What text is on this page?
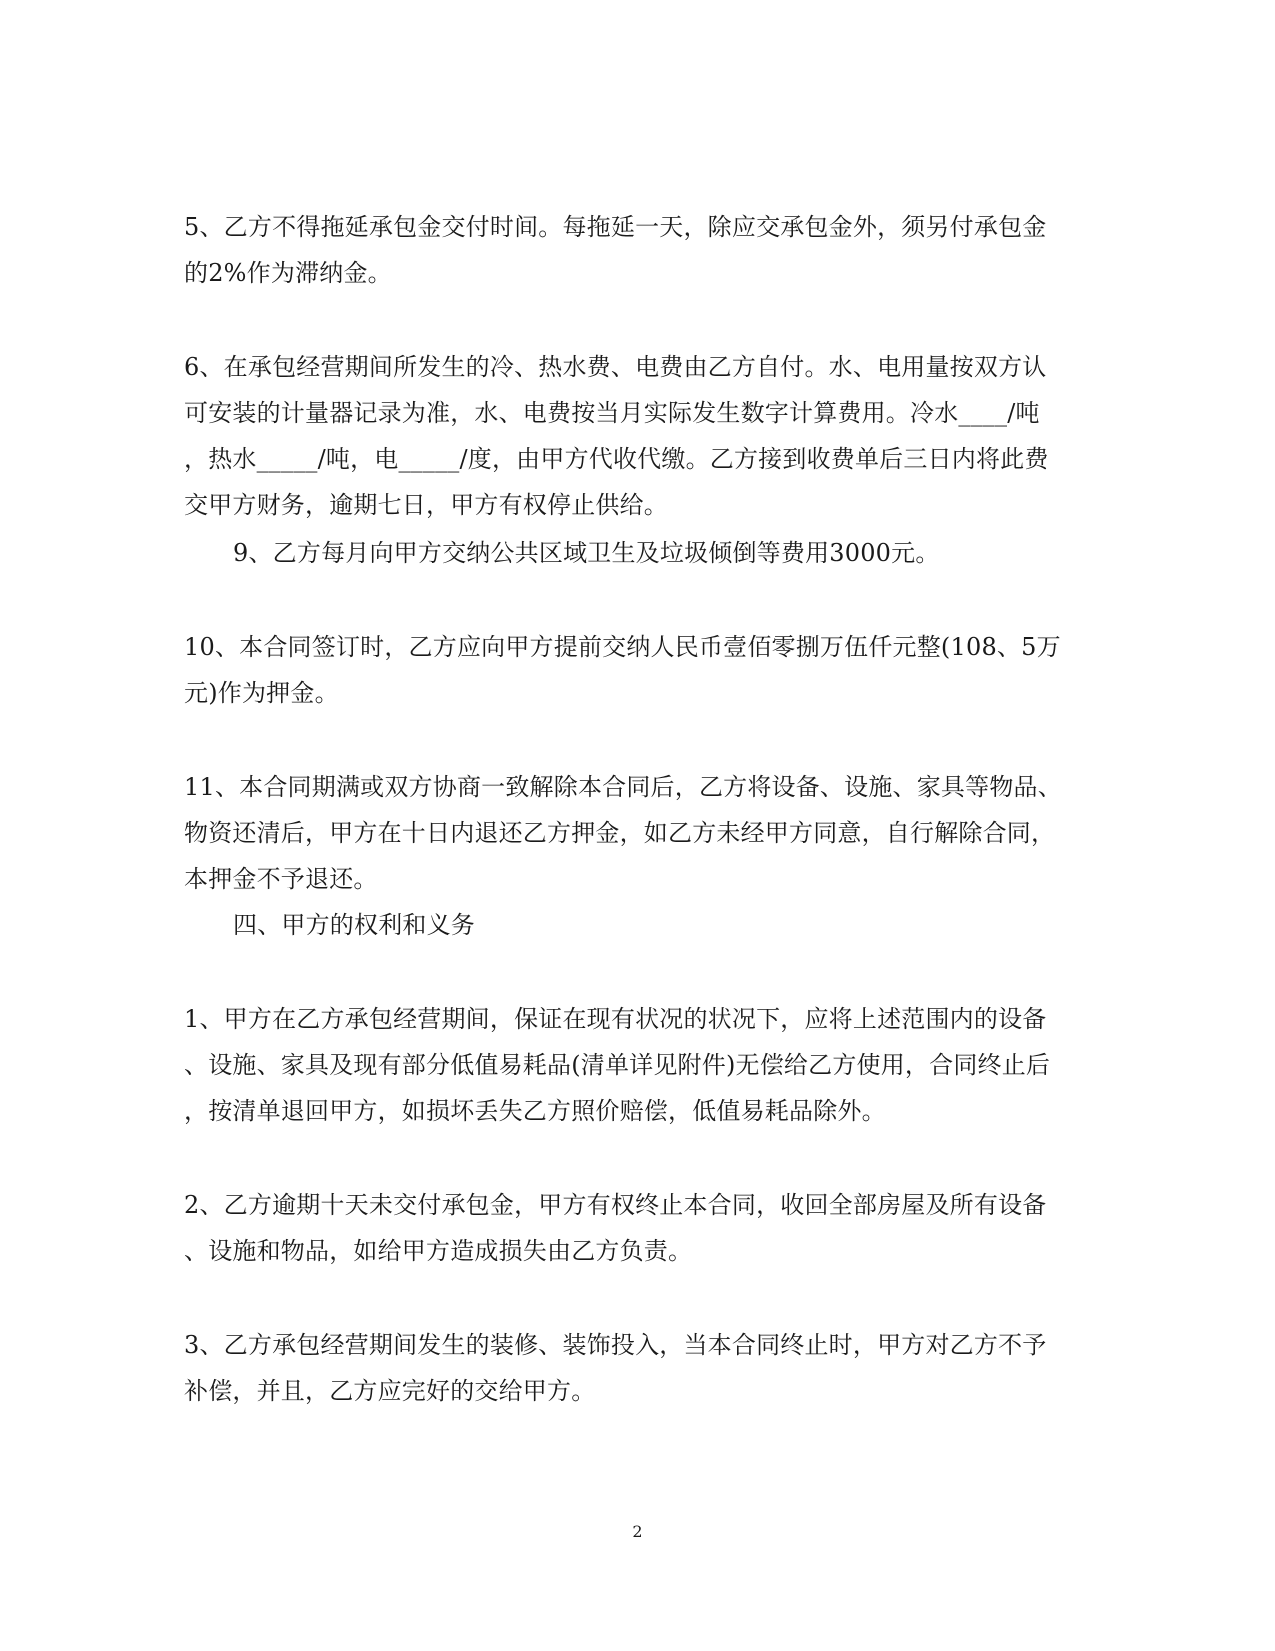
5、乙方不得拖延承包金交付时间。每拖延一天，除应交承包金外，须另付承包金
的2%作为滞纳金。
6、在承包经营期间所发生的冷、热水费、电费由乙方自付。水、电用量按双方认
可安装的计量器记录为准，水、电费按当月实际发生数字计算费用。冷水____/吨
，热水_____/吨，电_____/度，由甲方代收代缴。乙方接到收费单后三日内将此费
交甲方财务，逾期七日，甲方有权停止供给。
9、乙方每月向甲方交纳公共区域卫生及垃圾倾倒等费用3000元。
10、本合同签订时，乙方应向甲方提前交纳人民币壹佰零捌万伍仟元整(108、5万
元)作为押金。
11、本合同期满或双方协商一致解除本合同后，乙方将设备、设施、家具等物品、
物资还清后，甲方在十日内退还乙方押金，如乙方未经甲方同意，自行解除合同，
本押金不予退还。
四、甲方的权利和义务
1、甲方在乙方承包经营期间，保证在现有状况的状况下，应将上述范围内的设备
、设施、家具及现有部分低值易耗品(清单详见附件)无偿给乙方使用，合同终止后
，按清单退回甲方，如损坏丢失乙方照价赔偿，低值易耗品除外。
2、乙方逾期十天未交付承包金，甲方有权终止本合同，收回全部房屋及所有设备
、设施和物品，如给甲方造成损失由乙方负责。
3、乙方承包经营期间发生的装修、装饰投入，当本合同终止时，甲方对乙方不予
补偿，并且，乙方应完好的交给甲方。
2
